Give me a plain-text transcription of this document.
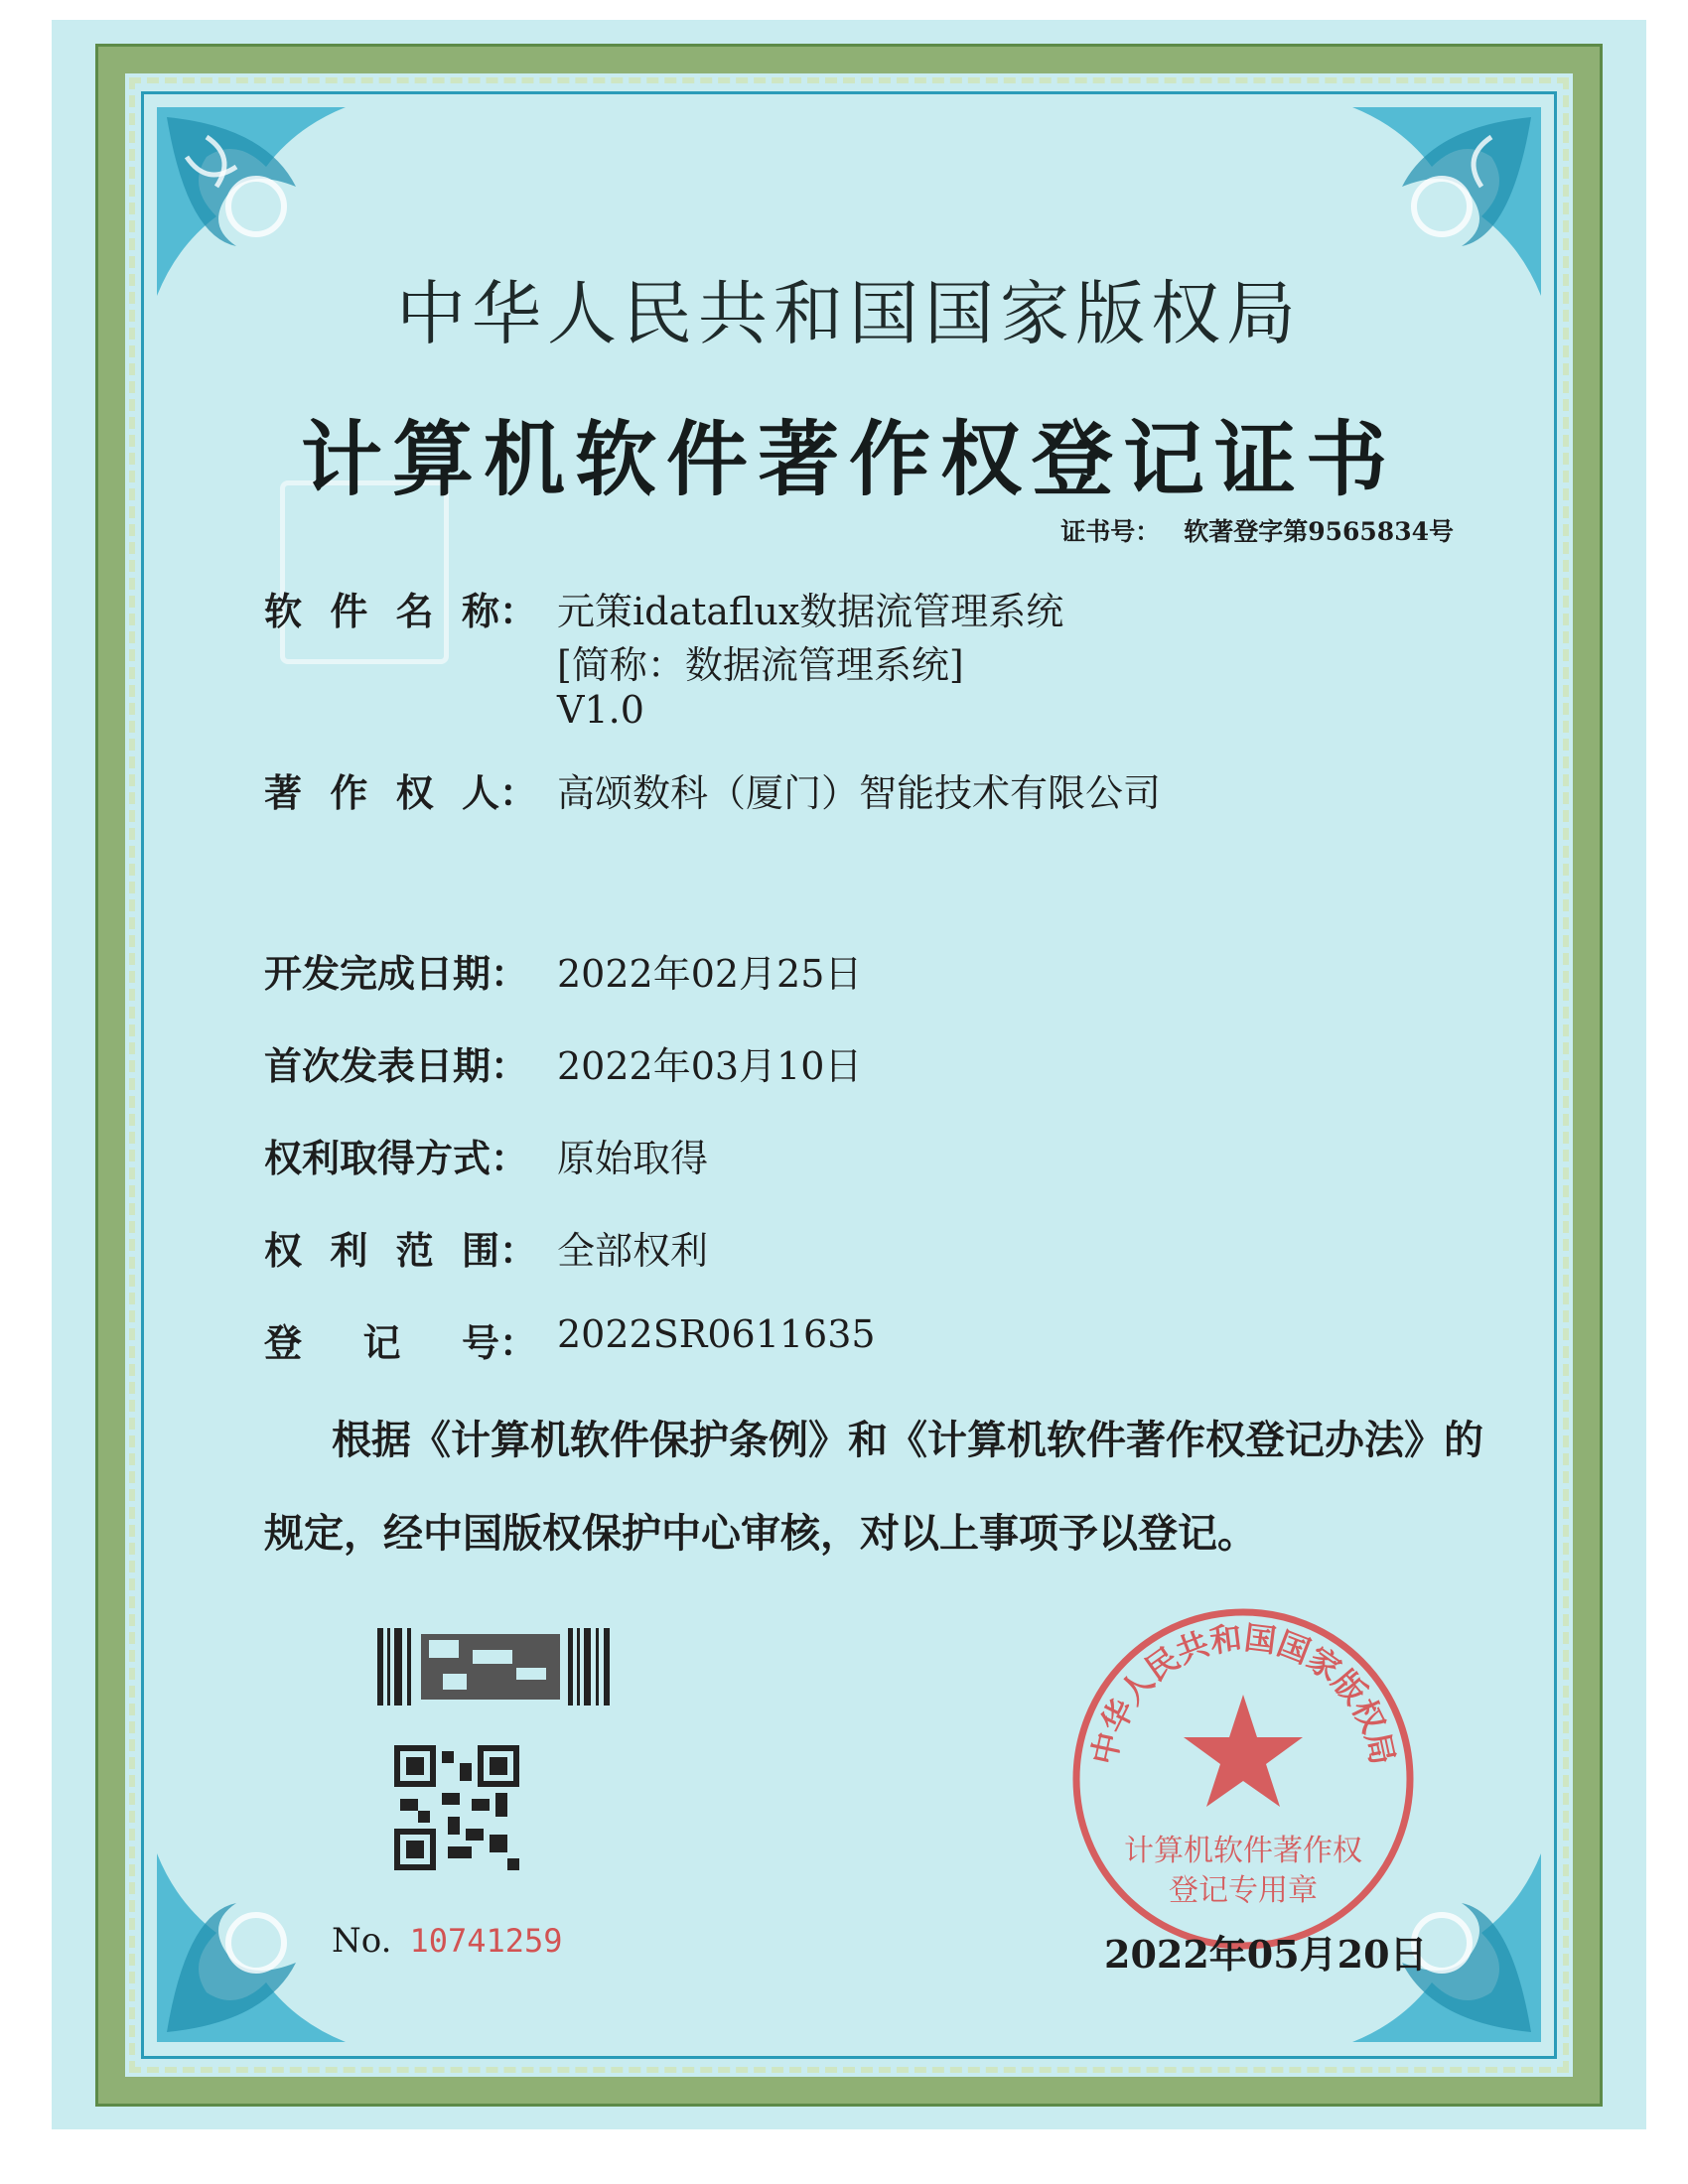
中华人民共和国国家版权局
计算机软件著作权登记证书
证书号： 软著登字第9565834号
软 件 名 称： 元策idataflux数据流管理系统
[简称：数据流管理系统]
V1.0
著 作 权 人： 高颂数科（厦门）智能技术有限公司
开发完成日期： 2022年02月25日
首次发表日期： 2022年03月10日
权利取得方式： 原始取得
权 利 范 围： 全部权利
登 记 号： 2022SR0611635
根据《计算机软件保护条例》和《计算机软件著作权登记办法》的
规定，经中国版权保护中心审核，对以上事项予以登记。
No. 10741259
中华人民共和国国家版权局
计算机软件著作权
登记专用章
2022年05月20日
